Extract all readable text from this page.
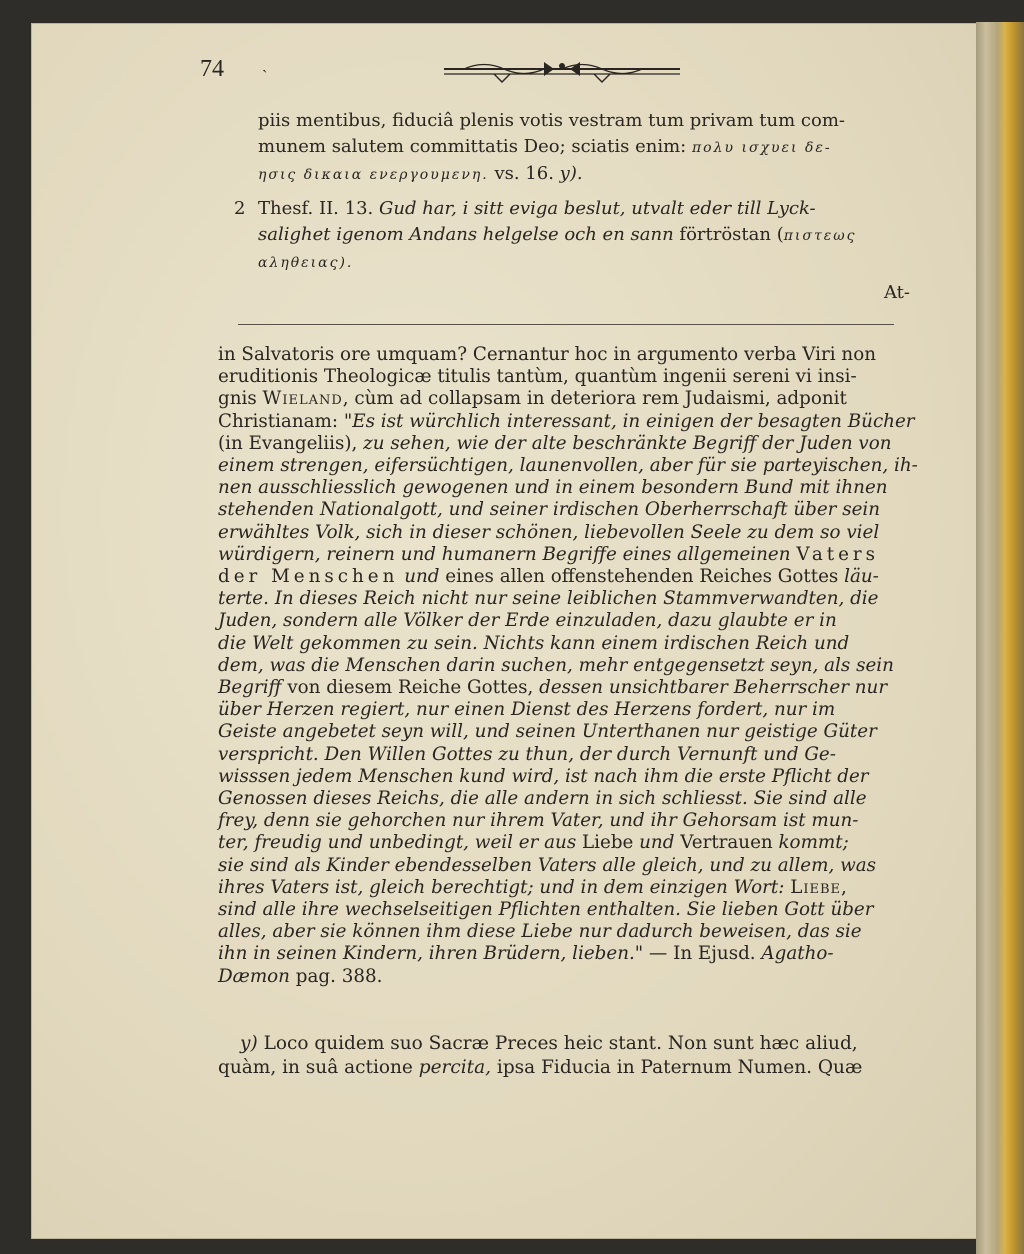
74 `

piis mentibus, fiduciâ plenis votis vestram tum privam tum com-

munem salutem committatis Deo; sciatis enim: πολυ ισχυει δε-

ησις δικαια ενεργουμενη. vs. 16. y).

2 Thesf. II. 13. Gud har, i sitt eviga beslut, utvalt eder till Lyck-

salighet igenom Andans helgelse och en sann förtröstan (πιστεως

αληθειας).

At-

in Salvatoris ore umquam? Cernantur hoc in argumento verba Viri non

eruditionis Theologicæ titulis tantùm, quantùm ingenii sereni vi insi-

gnis Wieland, cùm ad collapsam in deteriora rem Judaismi, adponit

Christianam: "Es ist würchlich interessant, in einigen der besagten Bücher

(in Evangeliis), zu sehen, wie der alte beschränkte Begriff der Juden von

einem strengen, eifersüchtigen, launenvollen, aber für sie parteyischen, ih-

nen ausschliesslich gewogenen und in einem besondern Bund mit ihnen

stehenden Nationalgott, und seiner irdischen Oberherrschaft über sein

erwähltes Volk, sich in dieser schönen, liebevollen Seele zu dem so viel

würdigern, reinern und humanern Begriffe eines allgemeinen Vaters

der Menschen und eines allen offenstehenden Reiches Gottes läu-

terte. In dieses Reich nicht nur seine leiblichen Stammverwandten, die

Juden, sondern alle Völker der Erde einzuladen, dazu glaubte er in

die Welt gekommen zu sein. Nichts kann einem irdischen Reich und

dem, was die Menschen darin suchen, mehr entgegensetzt seyn, als sein

Begriff von diesem Reiche Gottes, dessen unsichtbarer Beherrscher nur

über Herzen regiert, nur einen Dienst des Herzens fordert, nur im

Geiste angebetet seyn will, und seinen Unterthanen nur geistige Güter

verspricht. Den Willen Gottes zu thun, der durch Vernunft und Ge-

wisssen jedem Menschen kund wird, ist nach ihm die erste Pflicht der

Genossen dieses Reichs, die alle andern in sich schliesst. Sie sind alle

frey, denn sie gehorchen nur ihrem Vater, und ihr Gehorsam ist mun-

ter, freudig und unbedingt, weil er aus Liebe und Vertrauen kommt;

sie sind als Kinder ebendesselben Vaters alle gleich, und zu allem, was

ihres Vaters ist, gleich berechtigt; und in dem einzigen Wort: Liebe,

sind alle ihre wechselseitigen Pflichten enthalten. Sie lieben Gott über

alles, aber sie können ihm diese Liebe nur dadurch beweisen, das sie

ihn in seinen Kindern, ihren Brüdern, lieben." — In Ejusd. Agatho-

Dæmon pag. 388.

y) Loco quidem suo Sacræ Preces heic stant. Non sunt hæc aliud,

quàm, in suâ actione percita, ipsa Fiducia in Paternum Numen. Quæ
